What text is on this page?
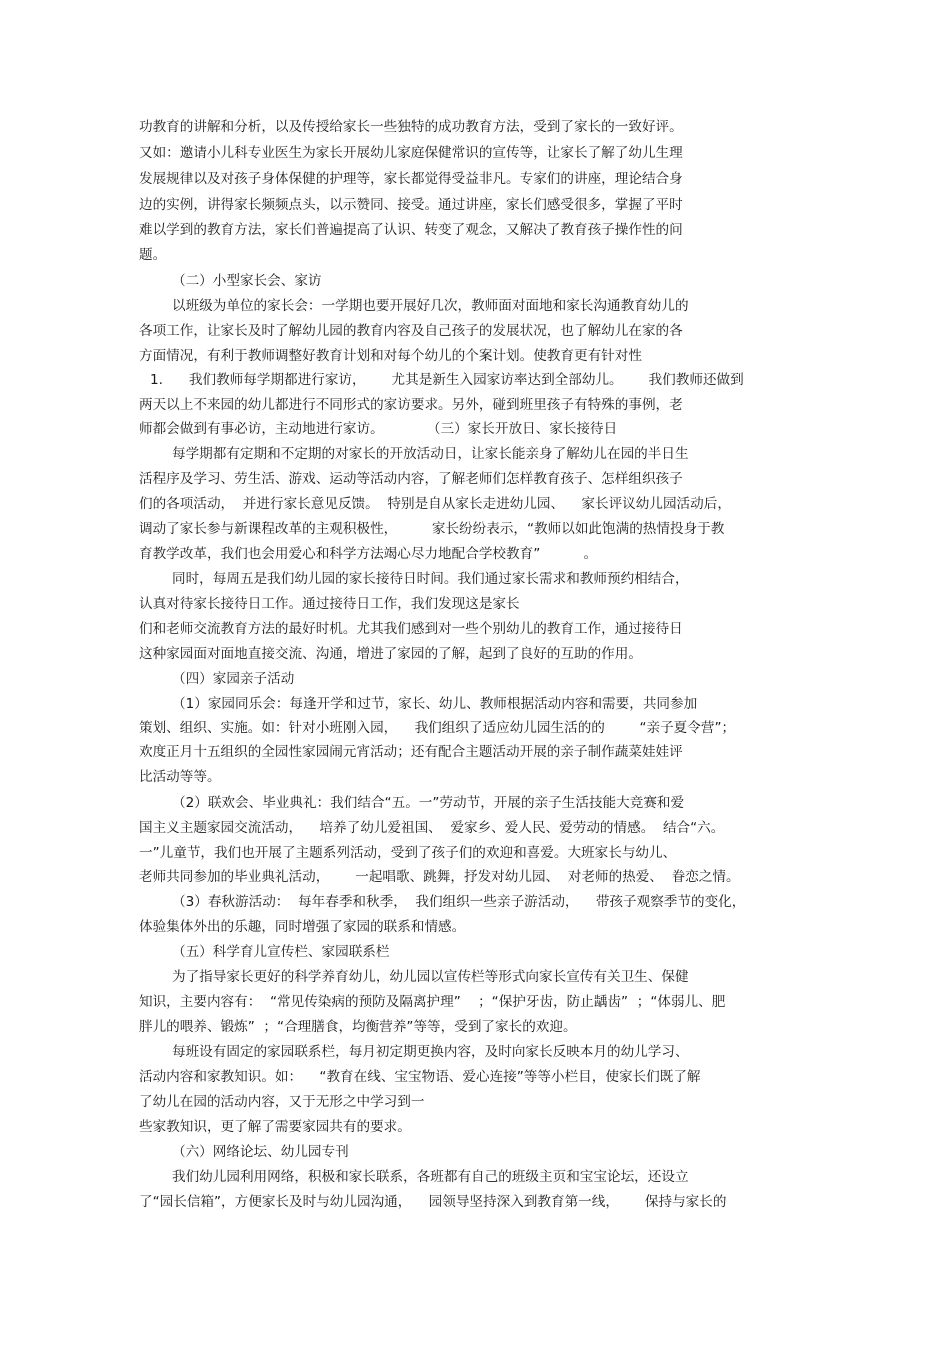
功教育的讲解和分析，以及传授给家长一些独特的成功教育方法，受到了家长的一致好评。
又如：邀请小儿科专业医生为家长开展幼儿家庭保健常识的宣传等，让家长了解了幼儿生理
发展规律以及对孩子身体保健的护理等，家长都觉得受益非凡。专家们的讲座，理论结合身
边的实例，讲得家长频频点头，以示赞同、接受。通过讲座，家长们感受很多，掌握了平时
难以学到的教育方法，家长们普遍提高了认识、转变了观念，又解决了教育孩子操作性的问
题。
（二）小型家长会、家访
以班级为单位的家长会：一学期也要开展好几次，教师面对面地和家长沟通教育幼儿的
各项工作，让家长及时了解幼儿园的教育内容及自己孩子的发展状况，也了解幼儿在家的各
方面情况，有利于教师调整好教育计划和对每个幼儿的个案计划。使教育更有针对性
1.      我们教师每学期都进行家访，      尤其是新生入园家访率达到全部幼儿。      我们教师还做到
两天以上不来园的幼儿都进行不同形式的家访要求。另外，碰到班里孩子有特殊的事例，老
师都会做到有事必访，主动地进行家访。          （三）家长开放日、家长接待日
每学期都有定期和不定期的对家长的开放活动日，让家长能亲身了解幼儿在园的半日生
活程序及学习、劳生活、游戏、运动等活动内容，了解老师们怎样教育孩子、怎样组织孩子
们的各项活动，  并进行家长意见反馈。  特别是自从家长走进幼儿园、    家长评议幼儿园活动后，
调动了家长参与新课程改革的主观积极性，        家长纷纷表示，“教师以如此饱满的热情投身于教
育教学改革，我们也会用爱心和科学方法竭心尽力地配合学校教育”          。
同时，每周五是我们幼儿园的家长接待日时间。我们通过家长需求和教师预约相结合，
认真对待家长接待日工作。通过接待日工作，我们发现这是家长
们和老师交流教育方法的最好时机。尤其我们感到对一些个别幼儿的教育工作，通过接待日
这种家园面对面地直接交流、沟通，增进了家园的了解，起到了良好的互助的作用。
（四）家园亲子活动
（1）家园同乐会：每逢开学和过节，家长、幼儿、教师根据活动内容和需要，共同参加
策划、组织、实施。如：针对小班刚入园，    我们组织了适应幼儿园生活的的        “亲子夏令营”；
欢度正月十五组织的全园性家园闹元宵活动；还有配合主题活动开展的亲子制作蔬菜娃娃评
比活动等等。
（2）联欢会、毕业典礼：我们结合“五。一”劳动节，开展的亲子生活技能大竞赛和爱
国主义主题家园交流活动，    培养了幼儿爱祖国、  爱家乡、爱人民、爱劳动的情感。  结合“六。
一”儿童节，我们也开展了主题系列活动，受到了孩子们的欢迎和喜爱。大班家长与幼儿、
老师共同参加的毕业典礼活动，      一起唱歌、跳舞，抒发对幼儿园、  对老师的热爱、  眷恋之情。
（3）春秋游活动：  每年春季和秋季，  我们组织一些亲子游活动，    带孩子观察季节的变化，
体验集体外出的乐趣，同时增强了家园的联系和情感。
（五）科学育儿宣传栏、家园联系栏
为了指导家长更好的科学养育幼儿，幼儿园以宣传栏等形式向家长宣传有关卫生、保健
知识，主要内容有：  “常见传染病的预防及隔离护理”    ；“保护牙齿，防止龋齿”  ；“体弱儿、肥
胖儿的喂养、锻炼”  ；“合理膳食，均衡营养”等等，受到了家长的欢迎。
每班设有固定的家园联系栏，每月初定期更换内容，及时向家长反映本月的幼儿学习、
活动内容和家教知识。如：    “教育在线、宝宝物语、爱心连接”等等小栏目，使家长们既了解
了幼儿在园的活动内容，又于无形之中学习到一
些家教知识，更了解了需要家园共有的要求。
（六）网络论坛、幼儿园专刊
我们幼儿园利用网络，积极和家长联系，各班都有自己的班级主页和宝宝论坛，还设立
了“园长信箱”，方便家长及时与幼儿园沟通，    园领导坚持深入到教育第一线，      保持与家长的
